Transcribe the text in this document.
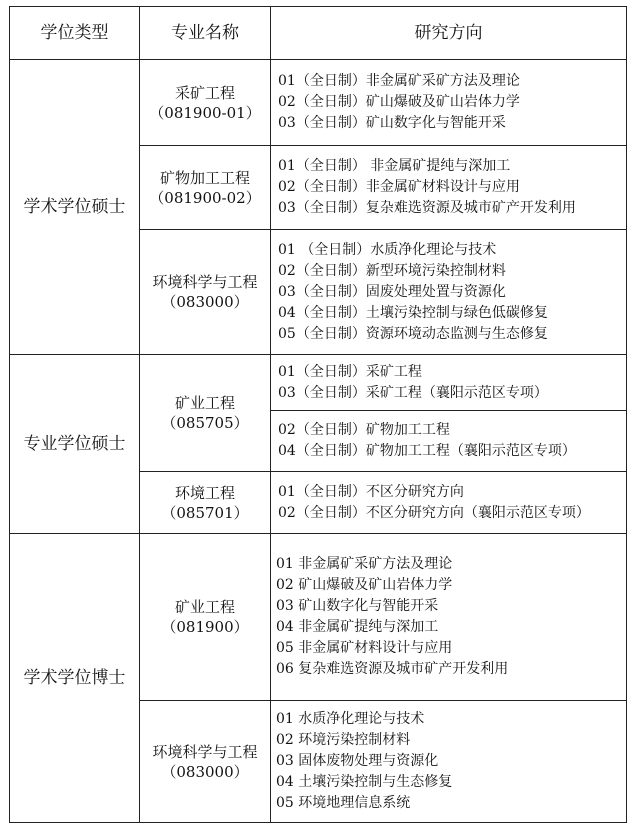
学位类型	专业名称	研究方向
学术学位硕士
采矿工程
（081900-01）
01（全日制）非金属矿采矿方法及理论
02（全日制）矿山爆破及矿山岩体力学
03（全日制）矿山数字化与智能开采
矿物加工工程
（081900-02）
01（全日制） 非金属矿提纯与深加工
02（全日制）非金属矿材料设计与应用
03（全日制）复杂难选资源及城市矿产开发利用
环境科学与工程
（083000）
01 （全日制）水质净化理论与技术
02（全日制）新型环境污染控制材料
03（全日制）固废处理处置与资源化
04（全日制）土壤污染控制与绿色低碳修复
05（全日制）资源环境动态监测与生态修复
专业学位硕士
矿业工程
（085705）
01（全日制）采矿工程
03（全日制）采矿工程（襄阳示范区专项）
02（全日制）矿物加工工程
04（全日制）矿物加工工程（襄阳示范区专项）
环境工程
（085701）
01（全日制）不区分研究方向
02（全日制）不区分研究方向（襄阳示范区专项）
学术学位博士
矿业工程
（081900）
01 非金属矿采矿方法及理论
02 矿山爆破及矿山岩体力学
03 矿山数字化与智能开采
04 非金属矿提纯与深加工
05 非金属矿材料设计与应用
06 复杂难选资源及城市矿产开发利用
环境科学与工程
（083000）
01 水质净化理论与技术
02 环境污染控制材料
03 固体废物处理与资源化
04 土壤污染控制与生态修复
05 环境地理信息系统
